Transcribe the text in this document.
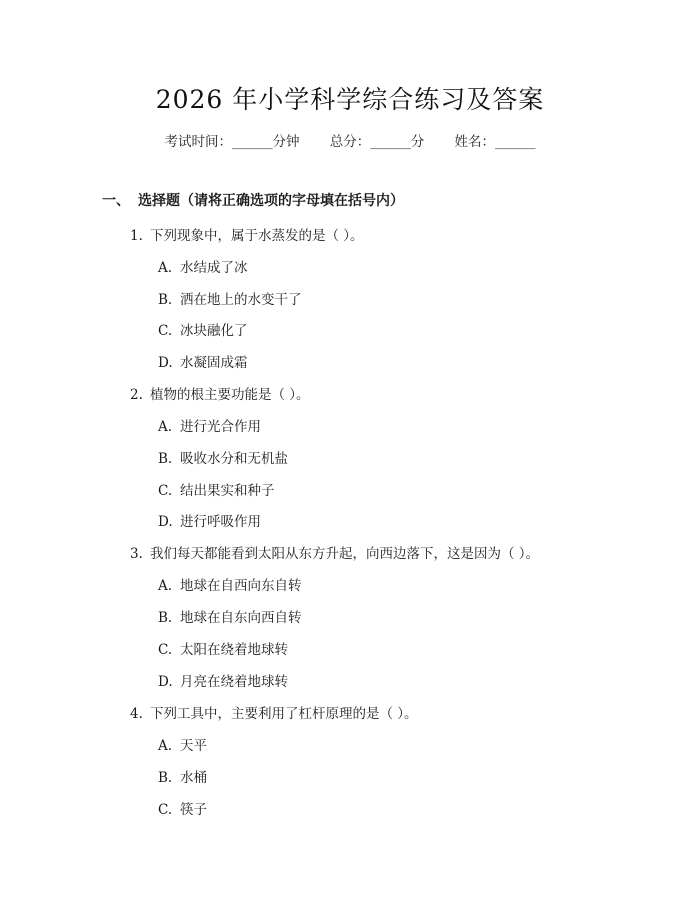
2026 年小学科学综合练习及答案
考试时间：______分钟 总分：______分 姓名：______
一、 选择题（请将正确选项的字母填在括号内）
1. 下列现象中，属于水蒸发的是（ ）。
A. 水结成了冰
B. 洒在地上的水变干了
C. 冰块融化了
D. 水凝固成霜
2. 植物的根主要功能是（ ）。
A. 进行光合作用
B. 吸收水分和无机盐
C. 结出果实和种子
D. 进行呼吸作用
3. 我们每天都能看到太阳从东方升起，向西边落下，这是因为（ ）。
A. 地球在自西向东自转
B. 地球在自东向西自转
C. 太阳在绕着地球转
D. 月亮在绕着地球转
4. 下列工具中，主要利用了杠杆原理的是（ ）。
A. 天平
B. 水桶
C. 筷子
